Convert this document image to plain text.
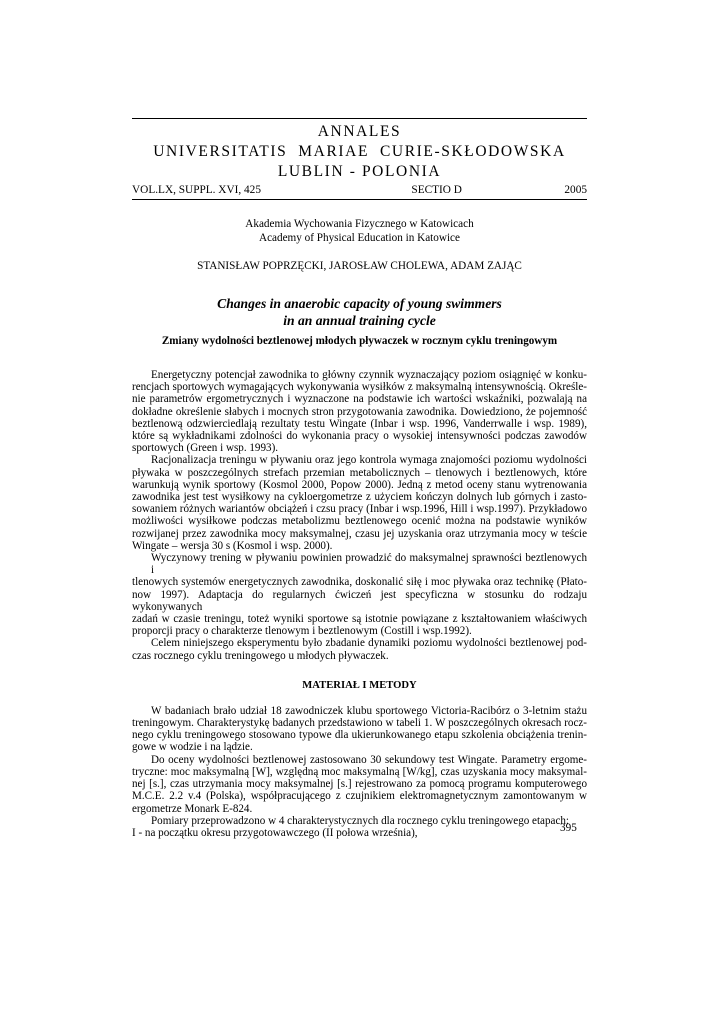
ANNALES
UNIVERSITATIS  MARIAE  CURIE-SKŁODOWSKA
LUBLIN - POLONIA
VOL.LX, SUPPL. XVI, 425	SECTIO D	2005
Akademia Wychowania Fizycznego w Katowicach
Academy of Physical Education in Katowice
STANISŁAW POPRZĘCKI, JAROSŁAW CHOLEWA, ADAM ZAJĄC
Changes in anaerobic capacity of young swimmers
in an annual training cycle
Zmiany wydolności beztlenowej młodych pływaczek w rocznym cyklu treningowym
Energetyczny potencjał zawodnika to główny czynnik wyznaczający poziom osiągnięć w konku-
rencjach sportowych wymagających wykonywania wysiłków z maksymalną intensywnością. Określe-
nie parametrów ergometrycznych i wyznaczone na podstawie ich wartości wskaźniki, pozwalają na
dokładne określenie słabych i mocnych stron przygotowania zawodnika. Dowiedziono, że pojemność
beztlenową odzwierciedlają rezultaty testu Wingate (Inbar i wsp. 1996, Vanderrwalle i wsp. 1989),
które są wykładnikami zdolności do wykonania pracy o wysokiej intensywności podczas zawodów
sportowych (Green i wsp. 1993).
Racjonalizacja treningu w pływaniu oraz jego kontrola wymaga znajomości poziomu wydolności
pływaka w poszczególnych strefach przemian metabolicznych – tlenowych i beztlenowych, które
warunkują wynik sportowy (Kosmol 2000, Popow 2000). Jedną z metod oceny stanu wytrenowania
zawodnika jest test wysiłkowy na cykloergometrze z użyciem kończyn dolnych lub górnych i zasto-
sowaniem różnych wariantów obciążeń i czsu pracy (Inbar i wsp.1996, Hill i wsp.1997). Przykładowo
możliwości wysiłkowe podczas metabolizmu beztlenowego ocenić można na podstawie wyników
rozwijanej przez zawodnika mocy maksymalnej, czasu jej uzyskania oraz utrzymania mocy w teście
Wingate – wersja 30 s (Kosmol i wsp. 2000).
Wyczynowy trening w pływaniu powinien prowadzić do maksymalnej sprawności beztlenowych i
tlenowych systemów energetycznych zawodnika, doskonalić siłę i moc pływaka oraz technikę (Płato-
now 1997). Adaptacja do regularnych ćwiczeń jest specyficzna w stosunku do rodzaju wykonywanych
zadań w czasie treningu, toteż wyniki sportowe są istotnie powiązane z kształtowaniem właściwych
proporcji pracy o charakterze tlenowym i beztlenowym (Costill i wsp.1992).
Celem niniejszego eksperymentu było zbadanie dynamiki poziomu wydolności beztlenowej pod-
czas rocznego cyklu treningowego u młodych pływaczek.
MATERIAŁ I METODY
W badaniach brało udział 18 zawodniczek klubu sportowego Victoria-Racibórz o 3-letnim stażu
treningowym. Charakterystykę badanych przedstawiono w tabeli 1. W poszczególnych okresach rocz-
nego cyklu treningowego stosowano typowe dla ukierunkowanego etapu szkolenia obciążenia trenin-
gowe w wodzie i na lądzie.
Do oceny wydolności beztlenowej zastosowano 30 sekundowy test Wingate. Parametry ergome-
tryczne: moc maksymalną [W], względną moc maksymalną [W/kg], czas uzyskania mocy maksymal-
nej [s.], czas utrzymania mocy maksymalnej [s.] rejestrowano za pomocą programu komputerowego
M.C.E. 2.2 v.4 (Polska), współpracującego z czujnikiem elektromagnetycznym zamontowanym w
ergometrze Monark E-824.
Pomiary przeprowadzono w 4 charakterystycznych dla rocznego cyklu treningowego etapach:
I - na początku okresu przygotowawczego (II połowa września),	395
